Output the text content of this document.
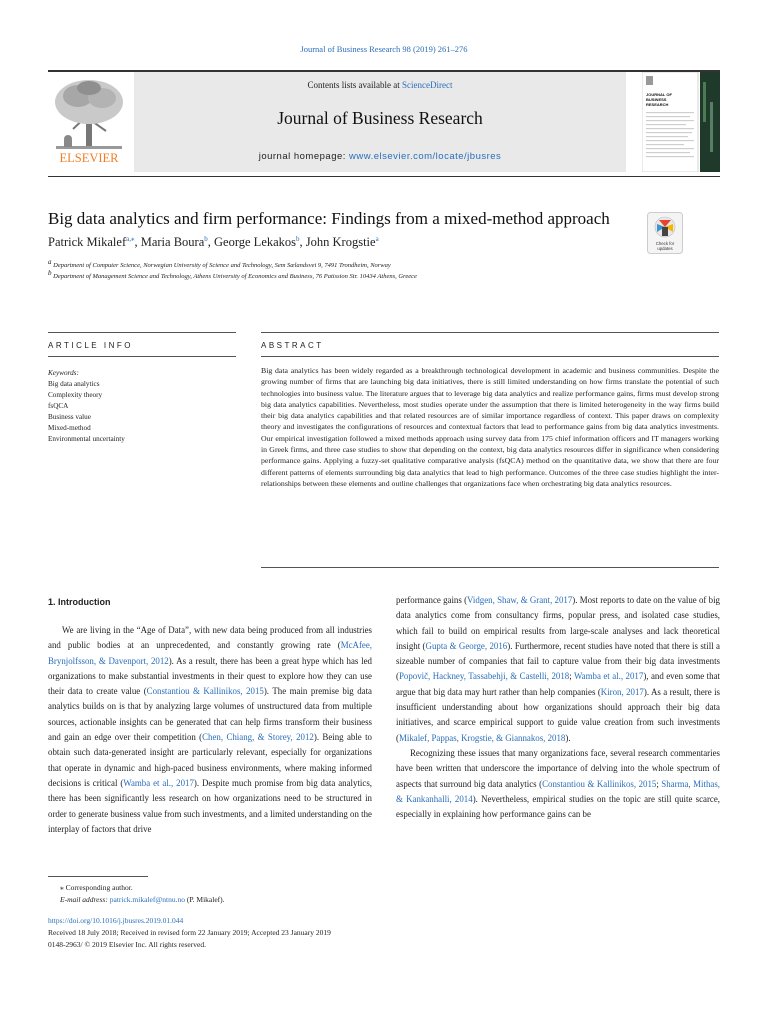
Journal of Business Research 98 (2019) 261–276
Contents lists available at ScienceDirect
Journal of Business Research
journal homepage: www.elsevier.com/locate/jbusres
ELSEVIER
JOURNAL OF
BUSINESS
RESEARCH
Big data analytics and firm performance: Findings from a mixed-method approach
Check for
updates
Patrick Mikalef$^{a,⁎}$, Maria Boura$^b$, George Lekakos$^b$, John Krogstie$^a$
a Department of Computer Science, Norwegian University of Science and Technology, Sem Sælandsvei 9, 7491 Trondheim, Norway
b Department of Management Science and Technology, Athens University of Economics and Business, 76 Patission Str. 10434 Athens, Greece
ARTICLE INFO	ABSTRACT
Keywords:
Big data analytics
Complexity theory
fsQCA
Business value
Mixed-method
Environmental uncertainty
Big data analytics has been widely regarded as a breakthrough technological development in academic and business communities. Despite the growing number of firms that are launching big data initiatives, there is still limited understanding on how firms translate the potential of such technologies into business value. The literature argues that to leverage big data analytics and realize performance gains, firms must develop strong big data analytics capabilities. Nevertheless, most studies operate under the assumption that there is limited heterogeneity in the way firms build their big data analytics capabilities and that related resources are of similar importance regardless of context. This paper draws on complexity theory and investigates the configurations of resources and contextual factors that lead to performance gains from big data analytics investments. Our empirical investigation followed a mixed methods approach using survey data from 175 chief information officers and IT managers working in Greek firms, and three case studies to show that depending on the context, big data analytics resources differ in significance when considering performance gains. Applying a fuzzy-set qualitative comparative analysis (fsQCA) method on the quantitative data, we show that there are four different patterns of elements surrounding big data analytics that lead to high performance. Outcomes of the three case studies highlight the inter-relationships between these elements and outline challenges that organizations face when orchestrating big data analytics resources.
1. Introduction

We are living in the “Age of Data”, with new data being produced from all industries and public bodies at an unprecedented, and constantly growing rate (McAfee, Brynjolfsson, & Davenport, 2012). As a result, there has been a great hype which has led organizations to make substantial investments in their quest to explore how they can use their data to create value (Constantiou & Kallinikos, 2015). The main premise big data analytics builds on is that by analyzing large volumes of unstructured data from multiple sources, actionable insights can be generated that can help firms transform their business and gain an edge over their competition (Chen, Chiang, & Storey, 2012). Being able to obtain such data-generated insight are particularly relevant, especially for organizations that operate in dynamic and high-paced business environments, where making informed decisions is critical (Wamba et al., 2017). Despite much promise from big data analytics, there has been significantly less research on how organizations need to be structured in order to generate business value from such investments, and a limited understanding on the interplay of factors that drive

performance gains (Vidgen, Shaw, & Grant, 2017). Most reports to date on the value of big data analytics come from consultancy firms, popular press, and isolated case studies, which fail to build on empirical results from large-scale analyses and lack theoretical insight (Gupta & George, 2016). Furthermore, recent studies have noted that there is still a sizeable number of companies that fail to capture value from their big data investments (Popovič, Hackney, Tassabehji, & Castelli, 2018; Wamba et al., 2017), and even some that argue that big data may hurt rather than help companies (Kiron, 2017). As a result, there is insufficient understanding about how organizations should approach their big data initiatives, and scarce empirical support to guide value creation from such investments (Mikalef, Pappas, Krogstie, & Giannakos, 2018).

Recognizing these issues that many organizations face, several research commentaries have been written that underscore the importance of delving into the whole spectrum of aspects that surround big data analytics (Constantiou & Kallinikos, 2015; Sharma, Mithas, & Kankanhalli, 2014). Nevertheless, empirical studies on the topic are still quite scarce, especially in explaining how performance gains can be

⁎ Corresponding author.
E-mail address: patrick.mikalef@ntnu.no (P. Mikalef).
https://doi.org/10.1016/j.jbusres.2019.01.044
Received 18 July 2018; Received in revised form 22 January 2019; Accepted 23 January 2019
0148-2963/ © 2019 Elsevier Inc. All rights reserved.
